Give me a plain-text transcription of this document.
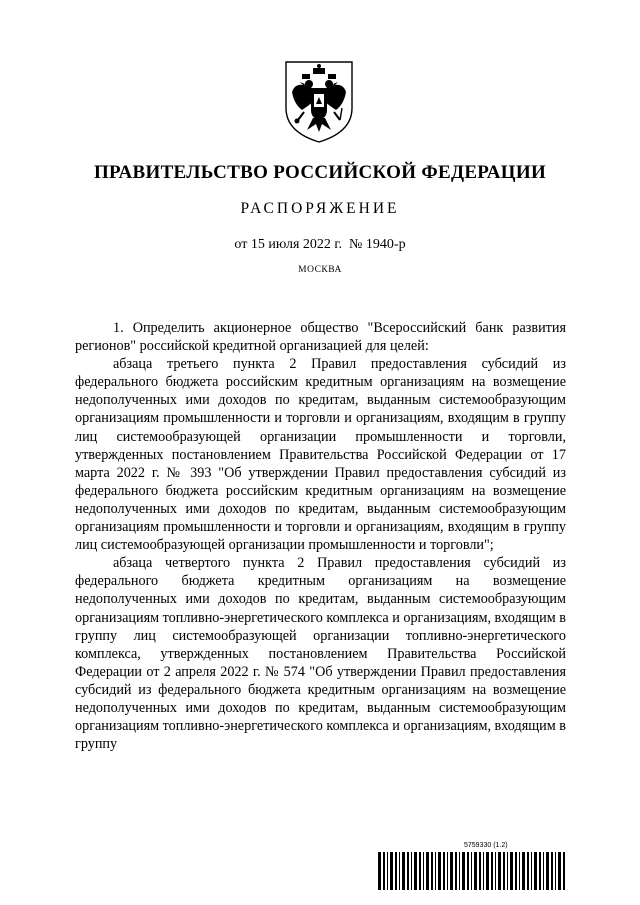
ПРАВИТЕЛЬСТВО РОССИЙСКОЙ ФЕДЕРАЦИИ
РАСПОРЯЖЕНИЕ
от 15 июля 2022 г. № 1940-р
МОСКВА

1. Определить акционерное общество "Всероссийский банк развития регионов" российской кредитной организацией для целей:

абзаца третьего пункта 2 Правил предоставления субсидий из федерального бюджета российским кредитным организациям на возмещение недополученных ими доходов по кредитам, выданным системообразующим организациям промышленности и торговли и организациям, входящим в группу лиц системообразующей организации промышленности и торговли, утвержденных постановлением Правительства Российской Федерации от 17 марта 2022 г. № 393 "Об утверждении Правил предоставления субсидий из федерального бюджета российским кредитным организациям на возмещение недополученных ими доходов по кредитам, выданным системообразующим организациям промышленности и торговли и организациям, входящим в группу лиц системообразующей организации промышленности и торговли";

абзаца четвертого пункта 2 Правил предоставления субсидий из федерального бюджета кредитным организациям на возмещение недополученных ими доходов по кредитам, выданным системообразующим организациям топливно-энергетического комплекса и организациям, входящим в группу лиц системообразующей организации топливно-энергетического комплекса, утвержденных постановлением Правительства Российской Федерации от 2 апреля 2022 г. № 574 "Об утверждении Правил предоставления субсидий из федерального бюджета кредитным организациям на возмещение недополученных ими доходов по кредитам, выданным системообразующим организациям топливно-энергетического комплекса и организациям, входящим в группу

5759330 (1.2)
